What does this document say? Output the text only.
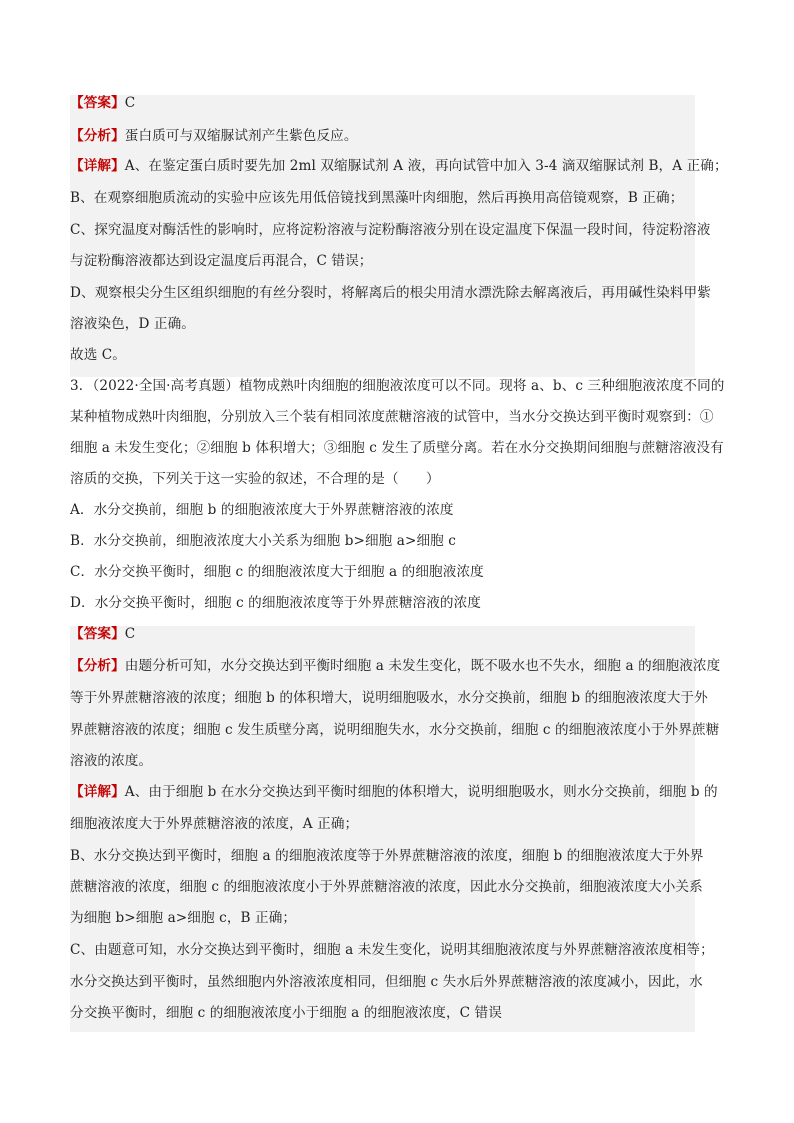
【答案】C
【分析】蛋白质可与双缩脲试剂产生紫色反应。
【详解】A、在鉴定蛋白质时要先加 2ml 双缩脲试剂 A 液，再向试管中加入 3-4 滴双缩脲试剂 B，A 正确；
B、在观察细胞质流动的实验中应该先用低倍镜找到黑藻叶肉细胞，然后再换用高倍镜观察，B 正确；
C、探究温度对酶活性的影响时，应将淀粉溶液与淀粉酶溶液分别在设定温度下保温一段时间，待淀粉溶液
与淀粉酶溶液都达到设定温度后再混合，C 错误；
D、观察根尖分生区组织细胞的有丝分裂时，将解离后的根尖用清水漂洗除去解离液后，再用碱性染料甲紫
溶液染色，D 正确。
故选 C。
3．（2022·全国·高考真题）植物成熟叶肉细胞的细胞液浓度可以不同。现将 a、b、c 三种细胞液浓度不同的
某种植物成熟叶肉细胞，分别放入三个装有相同浓度蔗糖溶液的试管中，当水分交换达到平衡时观察到：①
细胞 a 未发生变化；②细胞 b 体积增大；③细胞 c 发生了质壁分离。若在水分交换期间细胞与蔗糖溶液没有
溶质的交换，下列关于这一实验的叙述，不合理的是（　　）
A．水分交换前，细胞 b 的细胞液浓度大于外界蔗糖溶液的浓度
B．水分交换前，细胞液浓度大小关系为细胞 b>细胞 a>细胞 c
C．水分交换平衡时，细胞 c 的细胞液浓度大于细胞 a 的细胞液浓度
D．水分交换平衡时，细胞 c 的细胞液浓度等于外界蔗糖溶液的浓度
【答案】C
【分析】由题分析可知，水分交换达到平衡时细胞 a 未发生变化，既不吸水也不失水，细胞 a 的细胞液浓度
等于外界蔗糖溶液的浓度；细胞 b 的体积增大，说明细胞吸水，水分交换前，细胞 b 的细胞液浓度大于外
界蔗糖溶液的浓度；细胞 c 发生质壁分离，说明细胞失水，水分交换前，细胞 c 的细胞液浓度小于外界蔗糖
溶液的浓度。
【详解】A、由于细胞 b 在水分交换达到平衡时细胞的体积增大，说明细胞吸水，则水分交换前，细胞 b 的
细胞液浓度大于外界蔗糖溶液的浓度，A 正确；
B、水分交换达到平衡时，细胞 a 的细胞液浓度等于外界蔗糖溶液的浓度，细胞 b 的细胞液浓度大于外界
蔗糖溶液的浓度，细胞 c 的细胞液浓度小于外界蔗糖溶液的浓度，因此水分交换前，细胞液浓度大小关系
为细胞 b>细胞 a>细胞 c，B 正确；
C、由题意可知，水分交换达到平衡时，细胞 a 未发生变化，说明其细胞液浓度与外界蔗糖溶液浓度相等；
水分交换达到平衡时，虽然细胞内外溶液浓度相同，但细胞 c 失水后外界蔗糖溶液的浓度减小，因此，水
分交换平衡时，细胞 c 的细胞液浓度小于细胞 a 的细胞液浓度，C 错误
